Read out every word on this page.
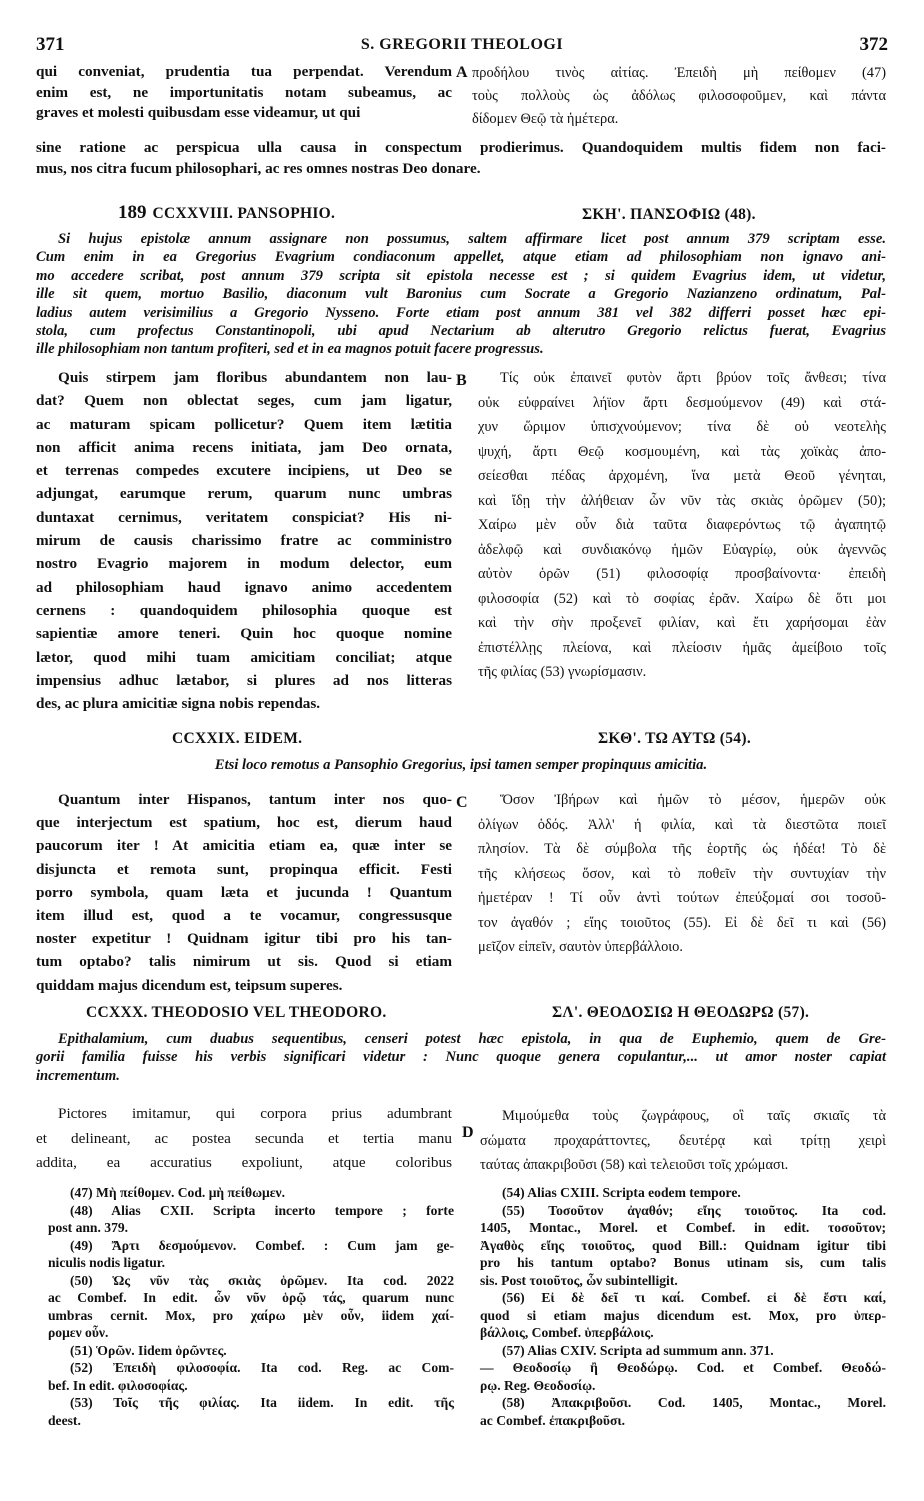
371	S. GREGORII THEOLOGI	372
qui conveniat, prudentia tua perpendat. Verendum
enim est, ne importunitatis notam subeamus, ac
graves et molesti quibusdam esse videamur, ut qui
A προδήλου τινὸς αἰτίας. Ἐπειδὴ μὴ πείθομεν (47)
τοὺς πολλοὺς ὡς ἀδόλως φιλοσοφοῦμεν, καὶ πάντα
δίδομεν Θεῷ τὰ ἡμέτερα.
sine ratione ac perspicua ulla causa in conspectum prodierimus. Quandoquidem multis fidem non faci-
mus, nos citra fucum philosophari, ac res omnes nostras Deo donare.
189 CCXXVIII. PANSOPHIO.	ΣΚΗ'. ΠΑΝΣΟΦΙΩ (48).
Si hujus epistolæ annum assignare non possumus, saltem affirmare licet post annum 379 scriptam esse.
Cum enim in ea Gregorius Evagrium condiaconum appellet, atque etiam ad philosophiam non ignavo ani-
mo accedere scribat, post annum 379 scripta sit epistola necesse est ; si quidem Evagrius idem, ut videtur,
ille sit quem, mortuo Basilio, diaconum vult Baronius cum Socrate a Gregorio Nazianzeno ordinatum, Pal-
ladius autem verisimilius a Gregorio Nysseno. Forte etiam post annum 381 vel 382 differri posset hæc epi-
stola, cum profectus Constantinopoli, ubi apud Nectarium ab alterutro Gregorio relictus fuerat, Evagrius
ille philosophiam non tantum profiteri, sed et in ea magnos potuit facere progressus.
Quis stirpem jam floribus abundantem non lau-
dat? Quem non oblectat seges, cum jam ligatur,
ac maturam spicam pollicetur? Quem item lætitia
non afficit anima recens initiata, jam Deo ornata,
et terrenas compedes excutere incipiens, ut Deo se
adjungat, earumque rerum, quarum nunc umbras
duntaxat cernimus, veritatem conspiciat? His ni-
mirum de causis charissimo fratre ac comministro
nostro Evagrio majorem in modum delector, eum
ad philosophiam haud ignavo animo accedentem
cernens : quandoquidem philosophia quoque est
sapientiæ amore teneri. Quin hoc quoque nomine
lætor, quod mihi tuam amicitiam conciliat; atque
impensius adhuc lætabor, si plures ad nos litteras
des, ac plura amicitiæ signa nobis rependas.
B	Τίς οὐκ ἐπαινεῖ φυτὸν ἄρτι βρύον τοῖς ἄνθεσι; τίνα
οὐκ εὐφραίνει λήϊον ἄρτι δεσμούμενον (49) καὶ στά-
χυν ὥριμον ὑπισχνούμενον; τίνα δὲ οὐ νεοτελὴς
ψυχή, ἄρτι Θεῷ κοσμουμένη, καὶ τὰς χοϊκὰς ἀπο-
σείεσθαι πέδας ἀρχομένη, ἵνα μετὰ Θεοῦ γένηται,
καὶ ἴδῃ τὴν ἀλήθειαν ὧν νῦν τὰς σκιὰς ὁρῶμεν (50);
Χαίρω μὲν οὖν διὰ ταῦτα διαφερόντως τῷ ἀγαπητῷ
ἀδελφῷ καὶ συνδιακόνῳ ἡμῶν Εὐαγρίῳ, οὐκ ἀγεννῶς
αὐτὸν ὁρῶν (51) φιλοσοφίᾳ προσβαίνοντα· ἐπειδὴ
φιλοσοφία (52) καὶ τὸ σοφίας ἐρᾶν. Χαίρω δὲ ὅτι μοι
καὶ τὴν σὴν προξενεῖ φιλίαν, καὶ ἔτι χαρήσομαι ἐὰν
ἐπιστέλλῃς πλείονα, καὶ πλείοσιν ἡμᾶς ἀμείβοιο τοῖς
τῆς φιλίας (53) γνωρίσμασιν.
CCXXIX. EIDEM.	ΣΚΘ'. ΤΩ ΑΥΤΩ (54).
Etsi loco remotus a Pansophio Gregorius, ipsi tamen semper propinquus amicitia.
Quantum inter Hispanos, tantum inter nos quo-
que interjectum est spatium, hoc est, dierum haud
paucorum iter ! At amicitia etiam ea, quæ inter se
disjuncta et remota sunt, propinqua efficit. Festi
porro symbola, quam læta et jucunda ! Quantum
item illud est, quod a te vocamur, congressusque
noster expetitur ! Quidnam igitur tibi pro his tan-
tum optabo? talis nimirum ut sis. Quod si etiam
quiddam majus dicendum est, teipsum superes.
C	Ὅσον Ἰβήρων καὶ ἡμῶν τὸ μέσον, ἡμερῶν οὐκ
ὀλίγων ὁδός. Ἀλλ' ἡ φιλία, καὶ τὰ διεστῶτα ποιεῖ
πλησίον. Τὰ δὲ σύμβολα τῆς ἑορτῆς ὡς ἡδέα! Τὸ δὲ
τῆς κλήσεως ὅσον, καὶ τὸ ποθεῖν τὴν συντυχίαν τὴν
ἡμετέραν ! Τί οὖν ἀντὶ τούτων ἐπεύξομαί σοι τοσοῦ-
τον ἀγαθόν ; εἴης τοιοῦτος (55). Εἰ δὲ δεῖ τι καὶ (56)
μεῖζον εἰπεῖν, σαυτὸν ὑπερβάλλοιο.
CCXXX. THEODOSIO VEL THEODORO.	ΣΛ'. ΘΕΟΔΟΣΙΩ Η ΘΕΟΔΩΡΩ (57).
Epithalamium, cum duabus sequentibus, censeri potest hæc epistola, in qua de Euphemio, quem de Gre-
gorii familia fuisse his verbis significari videtur : Nunc quoque genera copulantur,... ut amor noster capiat
incrementum.
Pictores imitamur, qui corpora prius adumbrant
et delineant, ac postea secunda et tertia manu
addita, ea accuratius expoliunt, atque coloribus
D
Μιμούμεθα τοὺς ζωγράφους, οἳ ταῖς σκιαῖς τὰ
σώματα προχαράττοντες, δευτέρᾳ καὶ τρίτῃ χειρὶ
ταύτας ἀπακριβοῦσι (58) καὶ τελειοῦσι τοῖς χρώμασι.
(47) Μὴ πείθομεν. Cod. μὴ πείθωμεν.
(48) Alias CXII. Scripta incerto tempore ; forte
post ann. 379.
(49) Ἄρτι δεσμούμενον. Combef. : Cum jam ge-
niculis nodis ligatur.
(50) Ὡς νῦν τὰς σκιὰς ὁρῶμεν. Ita cod. 2022
ac Combef. In edit. ὧν νῦν ὁρῷ τάς, quarum nunc
umbras cernit. Mox, pro χαίρω μὲν οὖν, iidem χαί-
ρομεν οὖν.
(51) Ὁρῶν. Iidem ὁρῶντες.
(52) Ἐπειδὴ φιλοσοφία. Ita cod. Reg. ac Com-
bef. In edit. φιλοσοφίας.
(53) Τοῖς τῆς φιλίας. Ita iidem. In edit. τῆς
deest.
(54) Alias CXIII. Scripta eodem tempore.
(55) Τοσοῦτον ἀγαθόν; εἴης τοιοῦτος. Ita cod.
1405, Montac., Morel. et Combef. in edit. τοσοῦτον;
Ἀγαθὸς εἴης τοιοῦτος, quod Bill.: Quidnam igitur tibi
pro his tantum optabo? Bonus utinam sis, cum talis
sis. Post τοιοῦτος, ὧν subintelligit.
(56) Εἰ δὲ δεῖ τι καί. Combef. εἰ δὲ ἔστι καί,
quod si etiam majus dicendum est. Mox, pro ὑπερ-
βάλλοις, Combef. ὑπερβάλοις.
(57) Alias CXIV. Scripta ad summum ann. 371.
— Θεοδοσίῳ ἢ Θεοδώρῳ. Cod. et Combef. Θεοδώ-
ρῳ. Reg. Θεοδοσίῳ.
(58) Ἀπακριβοῦσι. Cod. 1405, Montac., Morel.
ac Combef. ἐπακριβοῦσι.
